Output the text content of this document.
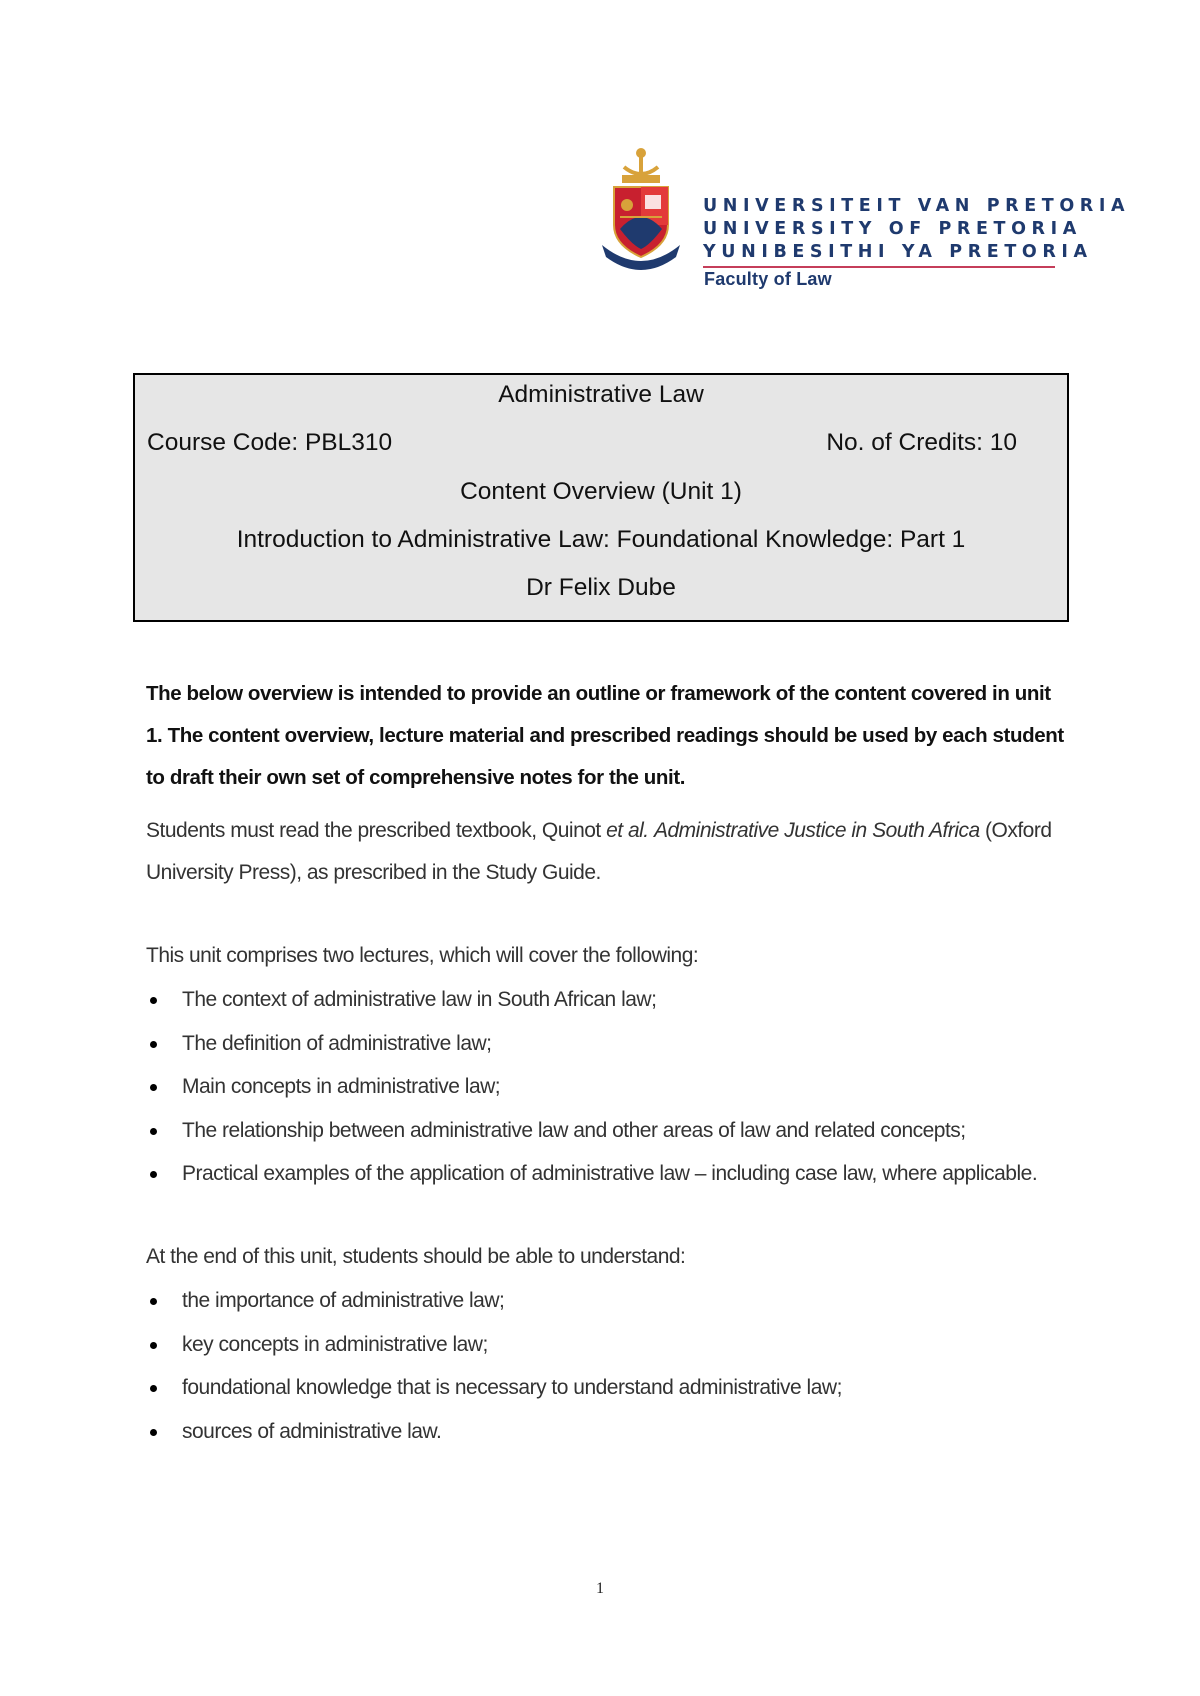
UNIVERSITEIT VAN PRETORIA
UNIVERSITY OF PRETORIA
YUNIBESITHI YA PRETORIA
Faculty of Law
Administrative Law
Course Code: PBL310	No. of Credits: 10
Content Overview (Unit 1)
Introduction to Administrative Law: Foundational Knowledge: Part 1
Dr Felix Dube
The below overview is intended to provide an outline or framework of the content covered in unit
1. The content overview, lecture material and prescribed readings should be used by each student
to draft their own set of comprehensive notes for the unit.
Students must read the prescribed textbook, Quinot et al. Administrative Justice in South Africa (Oxford
University Press), as prescribed in the Study Guide.
This unit comprises two lectures, which will cover the following:
The context of administrative law in South African law;
The definition of administrative law;
Main concepts in administrative law;
The relationship between administrative law and other areas of law and related concepts;
Practical examples of the application of administrative law – including case law, where applicable.
At the end of this unit, students should be able to understand:
the importance of administrative law;
key concepts in administrative law;
foundational knowledge that is necessary to understand administrative law;
sources of administrative law.
1
